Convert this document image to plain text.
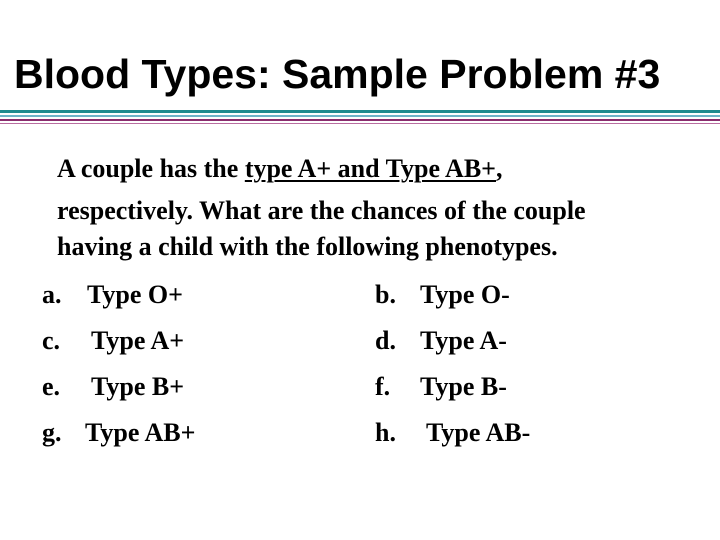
Blood Types: Sample Problem #3
A couple has the type A+ and Type AB+,
respectively. What are the chances of the couple
having a child with the following phenotypes.
a. Type O+
c. Type A+
e. Type B+
g. Type AB+
b. Type O-
d. Type A-
f. Type B-
h. Type AB-
